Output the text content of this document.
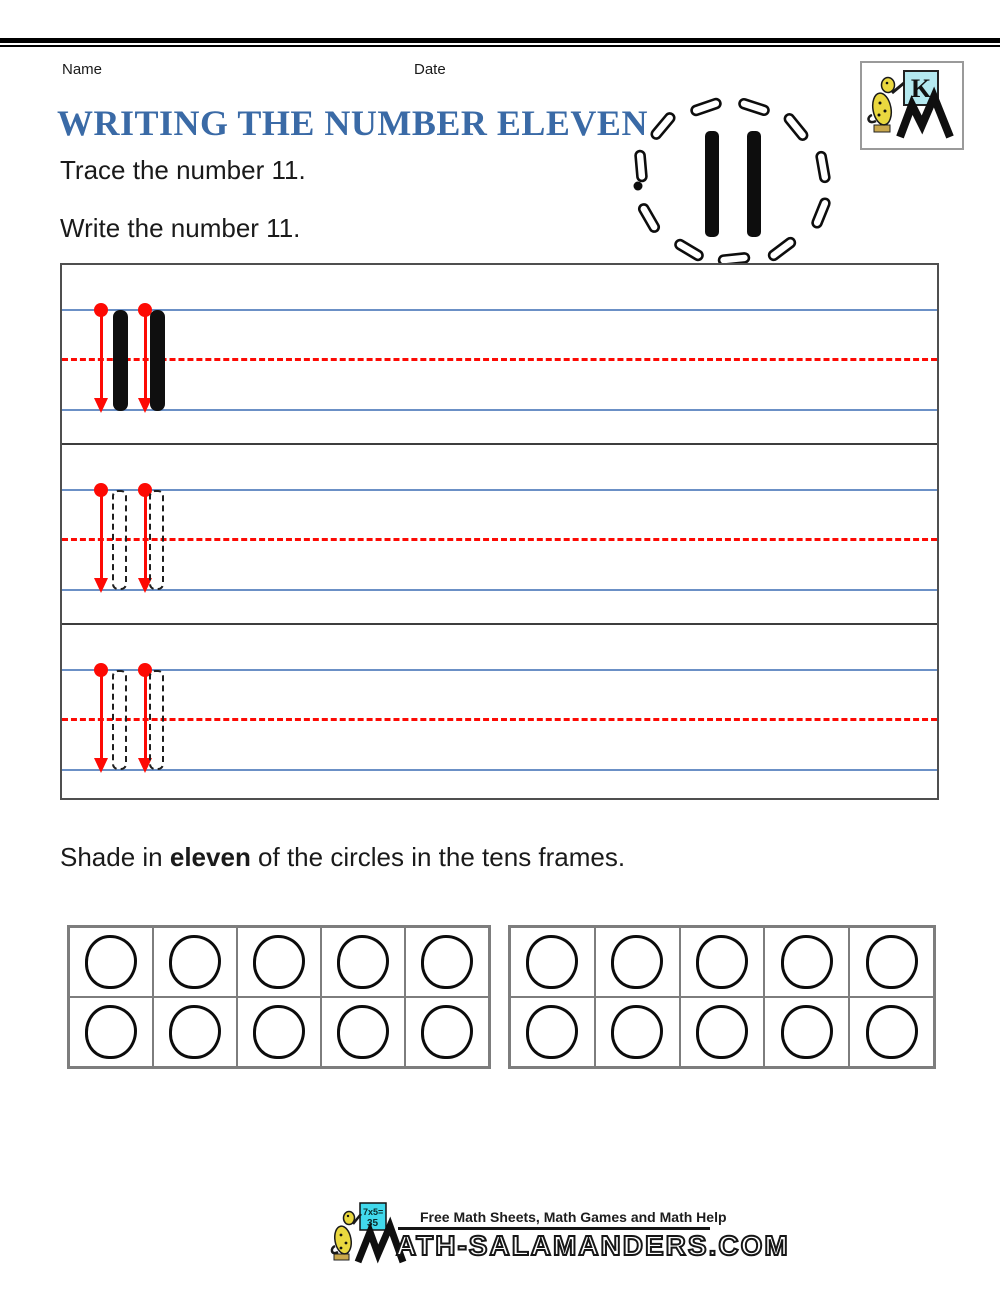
Name	Date
K
WRITING THE NUMBER ELEVEN
Trace the number 11.
Write the number 11.
Shade in eleven of the circles in the tens frames.
7x5=
35	Free Math Sheets, Math Games and Math Help
ATH-SALAMANDERS.COM
